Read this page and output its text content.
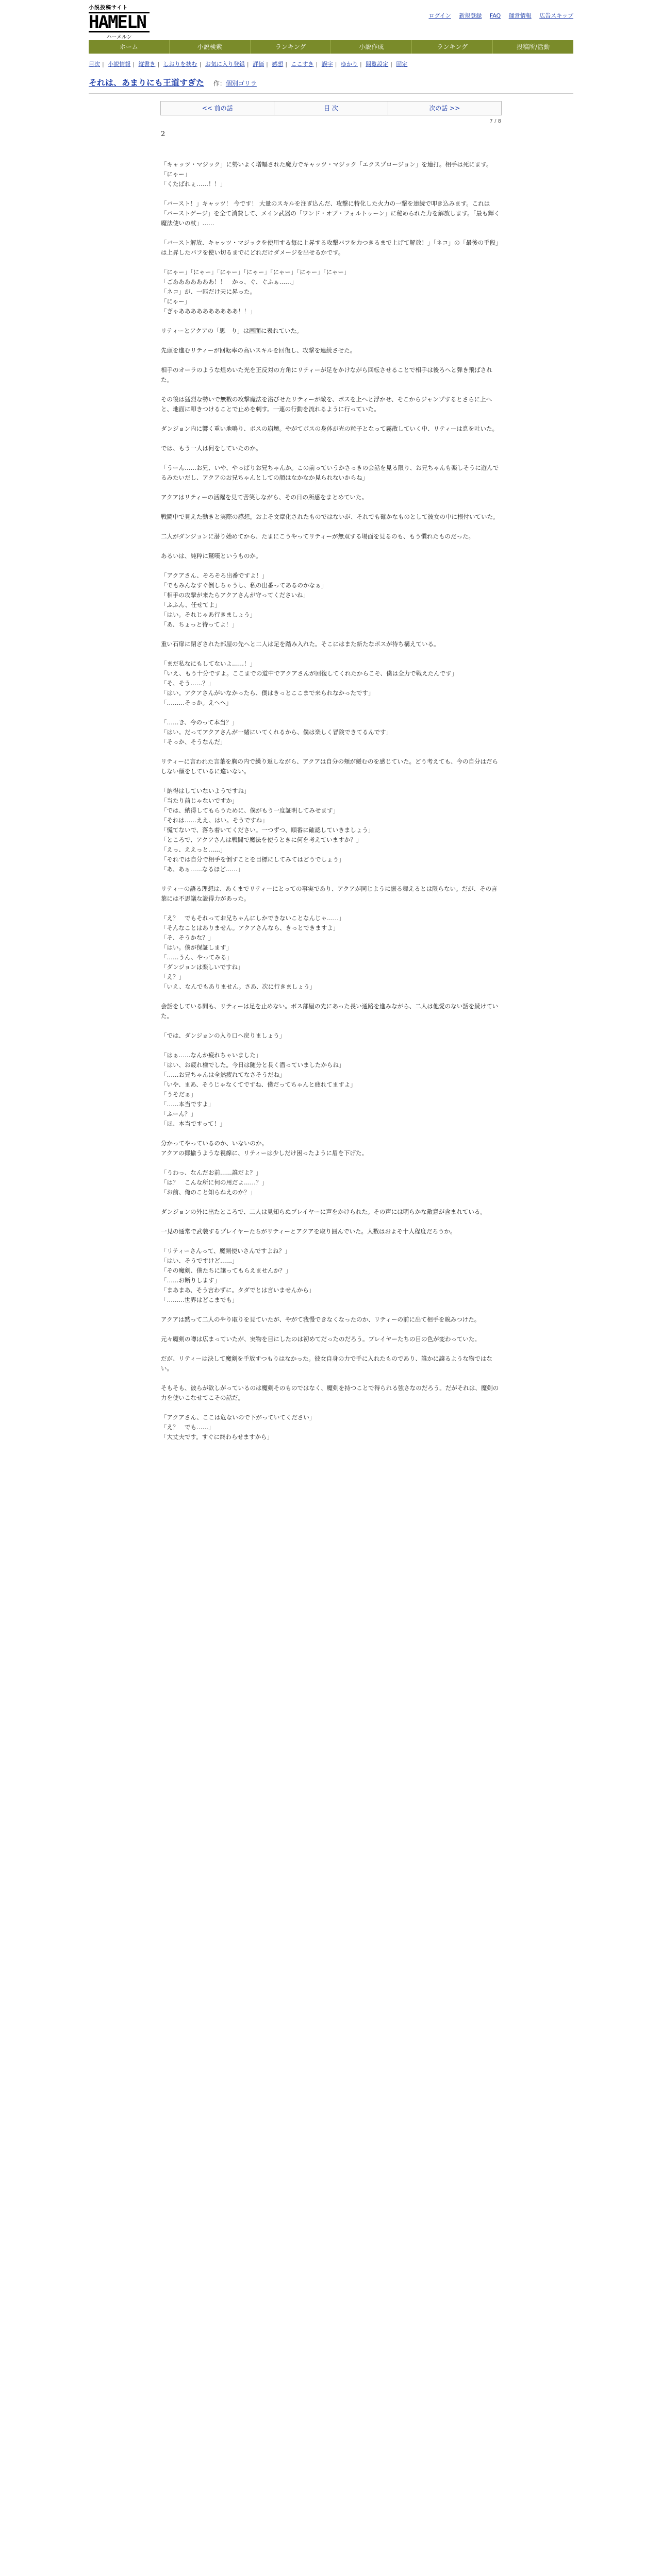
小説投稿サイト
HAMELN
ハーメルン
ログイン 新規登録 FAQ 運営情報 広告スキップ
ホーム	小説検索	ランキング	小説作成	ランキング	投稿所/活動
目次 | 小説情報 | 縦書き | しおりを挟む | お気に入り登録 | 評価 | 感想 | ここすき | 誤字 | ゆかり | 閲覧設定 | 固定
それは、あまりにも王道すぎた 作：個別ゴリラ
<< 前の話	目 次	次の話 >>
7 / 8
2

「キャッツ・マジック」に勢いよく増幅された魔力でキャッツ・マジック「エクスプロージョン」を連打。相手は死にます。
「にゃー」
「くたばれぇ……！！」

「バースト！」キャッツ！ 今です！ 大量のスキルを注ぎ込んだ、攻撃に特化した火力の一撃を連続で叩き込みます。これは「バーストゲージ」を全て消費して、メイン武器の「ワンド・オブ・フォルトゥーン」に秘められた力を解放します。「最も輝く魔法使いの杖」……

「バースト解放、キャッツ・マジックを使用する毎に上昇する攻撃バフを力つきるまで上げて解放！」「ネコ」の「最後の手段」は上昇したバフを使い切るまでにどれだけダメージを出せるかです。

「にゃー」「にゃー」「にゃー」「にゃー」「にゃー」「にゃー」「にゃー」
「ごあああああああ！！　かっ、ぐ、ぐふぁ……」
「ネコ」が、一匹だけ天に昇った。
「にゃー」
「ぎゃああああああああああ！！」

リティーとアクアの「思　り」は画面に表れていた。

先頭を進むリティーが回転率の高いスキルを回復し、攻撃を連続させた。

相手のオーラのような煌めいた光を正反対の方角にリティーが足をかけながら回転させることで相手は後ろへと弾き飛ばされた。

その後は猛烈な勢いで無数の攻撃魔法を浴びせたリティーが敵を、ボスを上へと浮かせ、そこからジャンプするとさらに上へと、地面に叩きつけることで止めを刺す。一連の行動を流れるように行っていた。

ダンジョン内に響く重い地鳴り、ボスの崩壊。やがてボスの身体が光の粒子となって霧散していく中、リティーは息を吐いた。

では、もう一人は何をしていたのか。

「うーん……お兄、いや、やっぱりお兄ちゃんか。この前っていうかさっきの会話を見る限り、お兄ちゃんも楽しそうに遊んでるみたいだし、アクアのお兄ちゃんとしての顔はなかなか見られないからね」

アクアはリティーの活躍を見て苦笑しながら、その日の所感をまとめていた。

戦闘中で見えた動きと実際の感想。およそ文章化されたものではないが、それでも確かなものとして彼女の中に根付いていた。

二人がダンジョンに潜り始めてから、たまにこうやってリティーが無双する場面を見るのも、もう慣れたものだった。

あるいは、純粋に驚嘆というものか。

「アクアさん、そろそろ出番ですよ！」
「でもみんなすぐ倒しちゃうし、私の出番ってあるのかなぁ」
「相手の攻撃が来たらアクアさんが守ってくださいね」
「ふふん、任せてよ」
「はい。それじゃあ行きましょう」
「あ、ちょっと待ってよ！」

重い石扉に閉ざされた部屋の先へと二人は足を踏み入れた。そこにはまた新たなボスが待ち構えている。

「まだ私なにもしてないよ……！」
「いえ、もう十分ですよ。ここまでの道中でアクアさんが回復してくれたからこそ、僕は全力で戦えたんです」
「そ、そう……？」
「はい。アクアさんがいなかったら、僕はきっとここまで来られなかったです」
「………そっか。えへへ」

「……き、今のって本当？」
「はい。だってアクアさんが一緒にいてくれるから、僕は楽しく冒険できてるんです」
「そっか、そうなんだ」

リティーに言われた言葉を胸の内で繰り返しながら、アクアは自分の頬が緩むのを感じていた。どう考えても、今の自分はだらしない顔をしているに違いない。

「納得はしていないようですね」
「当たり前じゃないですか」
「では、納得してもらうために、僕がもう一度証明してみせます」
「それは……ええ、はい。そうですね」
「慌てないで、落ち着いてください。一つずつ、順番に確認していきましょう」
「ところで、アクアさんは戦闘で魔法を使うときに何を考えていますか？」
「えっ、ええっと……」
「それでは自分で相手を倒すことを目標にしてみてはどうでしょう」
「あ、あぁ……なるほど……」

リティーの語る理想は、あくまでリティーにとっての事実であり、アクアが同じように振る舞えるとは限らない。だが、その言葉には不思議な説得力があった。

「え？　でもそれってお兄ちゃんにしかできないことなんじゃ……」
「そんなことはありません。アクアさんなら、きっとできますよ」
「そ、そうかな？」
「はい。僕が保証します」
「……うん、やってみる」
「ダンジョンは楽しいですね」
「え？」
「いえ、なんでもありません。さあ、次に行きましょう」

会話をしている間も、リティーは足を止めない。ボス部屋の先にあった長い通路を進みながら、二人は他愛のない話を続けていた。

「では、ダンジョンの入り口へ戻りましょう」

「はぁ……なんか疲れちゃいました」
「はい、お疲れ様でした。今日は随分と長く潜っていましたからね」
「……お兄ちゃんは全然疲れてなさそうだね」
「いや、まあ、そうじゃなくてですね、僕だってちゃんと疲れてますよ」
「うそだぁ」
「……本当ですよ」
「ふーん？」
「ほ、本当ですって！」

分かってやっているのか、いないのか。
アクアの揶揄うような視線に、リティーは少しだけ困ったように眉を下げた。

「うわっ、なんだお前……誰だよ？」
「は？　こんな所に何の用だよ……？」
「お前、俺のこと知らねえのか？」

ダンジョンの外に出たところで、二人は見知らぬプレイヤーに声をかけられた。その声には明らかな敵意が含まれている。

一見の通常で武装するプレイヤーたちがリティーとアクアを取り囲んでいた。人数はおよそ十人程度だろうか。

「リティーさんって、魔剣使いさんですよね？」
「はい、そうですけど……」
「その魔剣、僕たちに譲ってもらえませんか？」
「……お断りします」
「まあまあ、そう言わずに。タダでとは言いませんから」
「………世界はどこまでも」

アクアは黙って二人のやり取りを見ていたが、やがて我慢できなくなったのか、リティーの前に出て相手を睨みつけた。

元々魔剣の噂は広まっていたが、実物を目にしたのは初めてだったのだろう。プレイヤーたちの目の色が変わっていた。

だが、リティーは決して魔剣を手放すつもりはなかった。彼女自身の力で手に入れたものであり、誰かに譲るような物ではない。

そもそも、彼らが欲しがっているのは魔剣そのものではなく、魔剣を持つことで得られる強さなのだろう。だがそれは、魔剣の力を使いこなせてこその話だ。

「アクアさん、ここは危ないので下がっていてください」
「え？　でも……」
「大丈夫です。すぐに終わらせますから」
